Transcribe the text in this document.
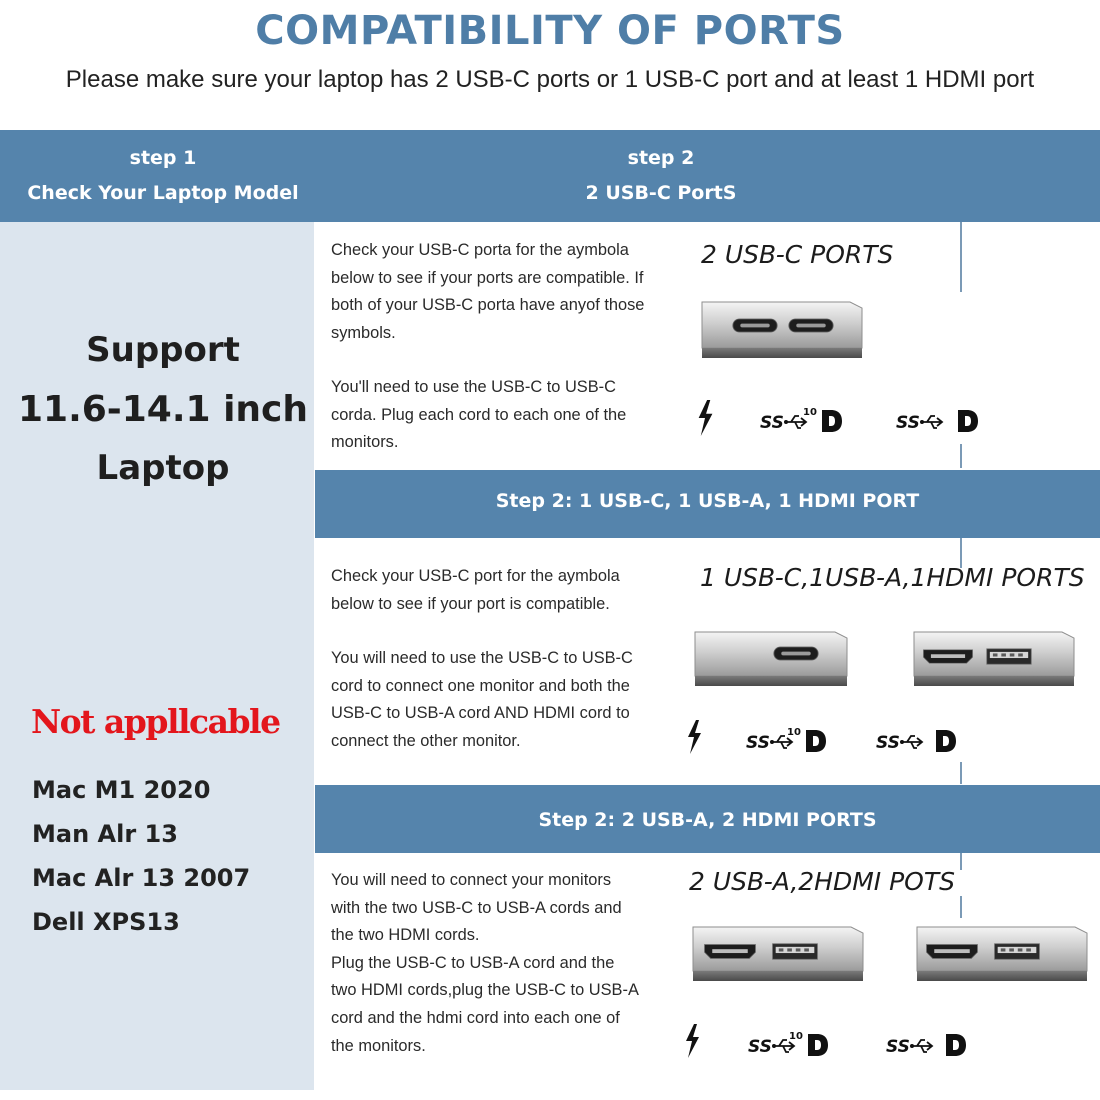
COMPATIBILITY OF PORTS
Please make sure your laptop has 2 USB-C ports or 1 USB-C port and at least 1 HDMI port
step 1
Check Your Laptop Model
step 2
2 USB-C PortS
Support
11.6-14.1 inch
Laptop
Not appllcable
Mac M1 2020
Man Alr 13
Mac Alr 13 2007
Dell XPS13
Check your USB-C porta for the aymbola
below to see if your ports are compatible. If
both of your USB-C porta have anyof those
symbols.
You'll need to use the USB-C to USB-C
corda. Plug each cord to each one of the
monitors.
2 USB-C PORTS
10
Step 2: 1 USB-C, 1 USB-A, 1 HDMI PORT
Check your USB-C port for the aymbola
below to see if your port is compatible.
You will need to use the USB-C to USB-C
cord to connect one monitor and both the
USB-C to USB-A cord AND HDMI cord to
connect the other monitor.
1 USB-C,1USB-A,1HDMI PORTS
10
Step 2: 2 USB-A, 2 HDMI PORTS
You will need to connect your monitors
with the two USB-C to USB-A cords and
the two HDMI cords.
Plug the USB-C to USB-A cord and the
two HDMI cords,plug the USB-C to USB-A
cord and the hdmi cord into each one of
the monitors.
2 USB-A,2HDMI POTS
10
